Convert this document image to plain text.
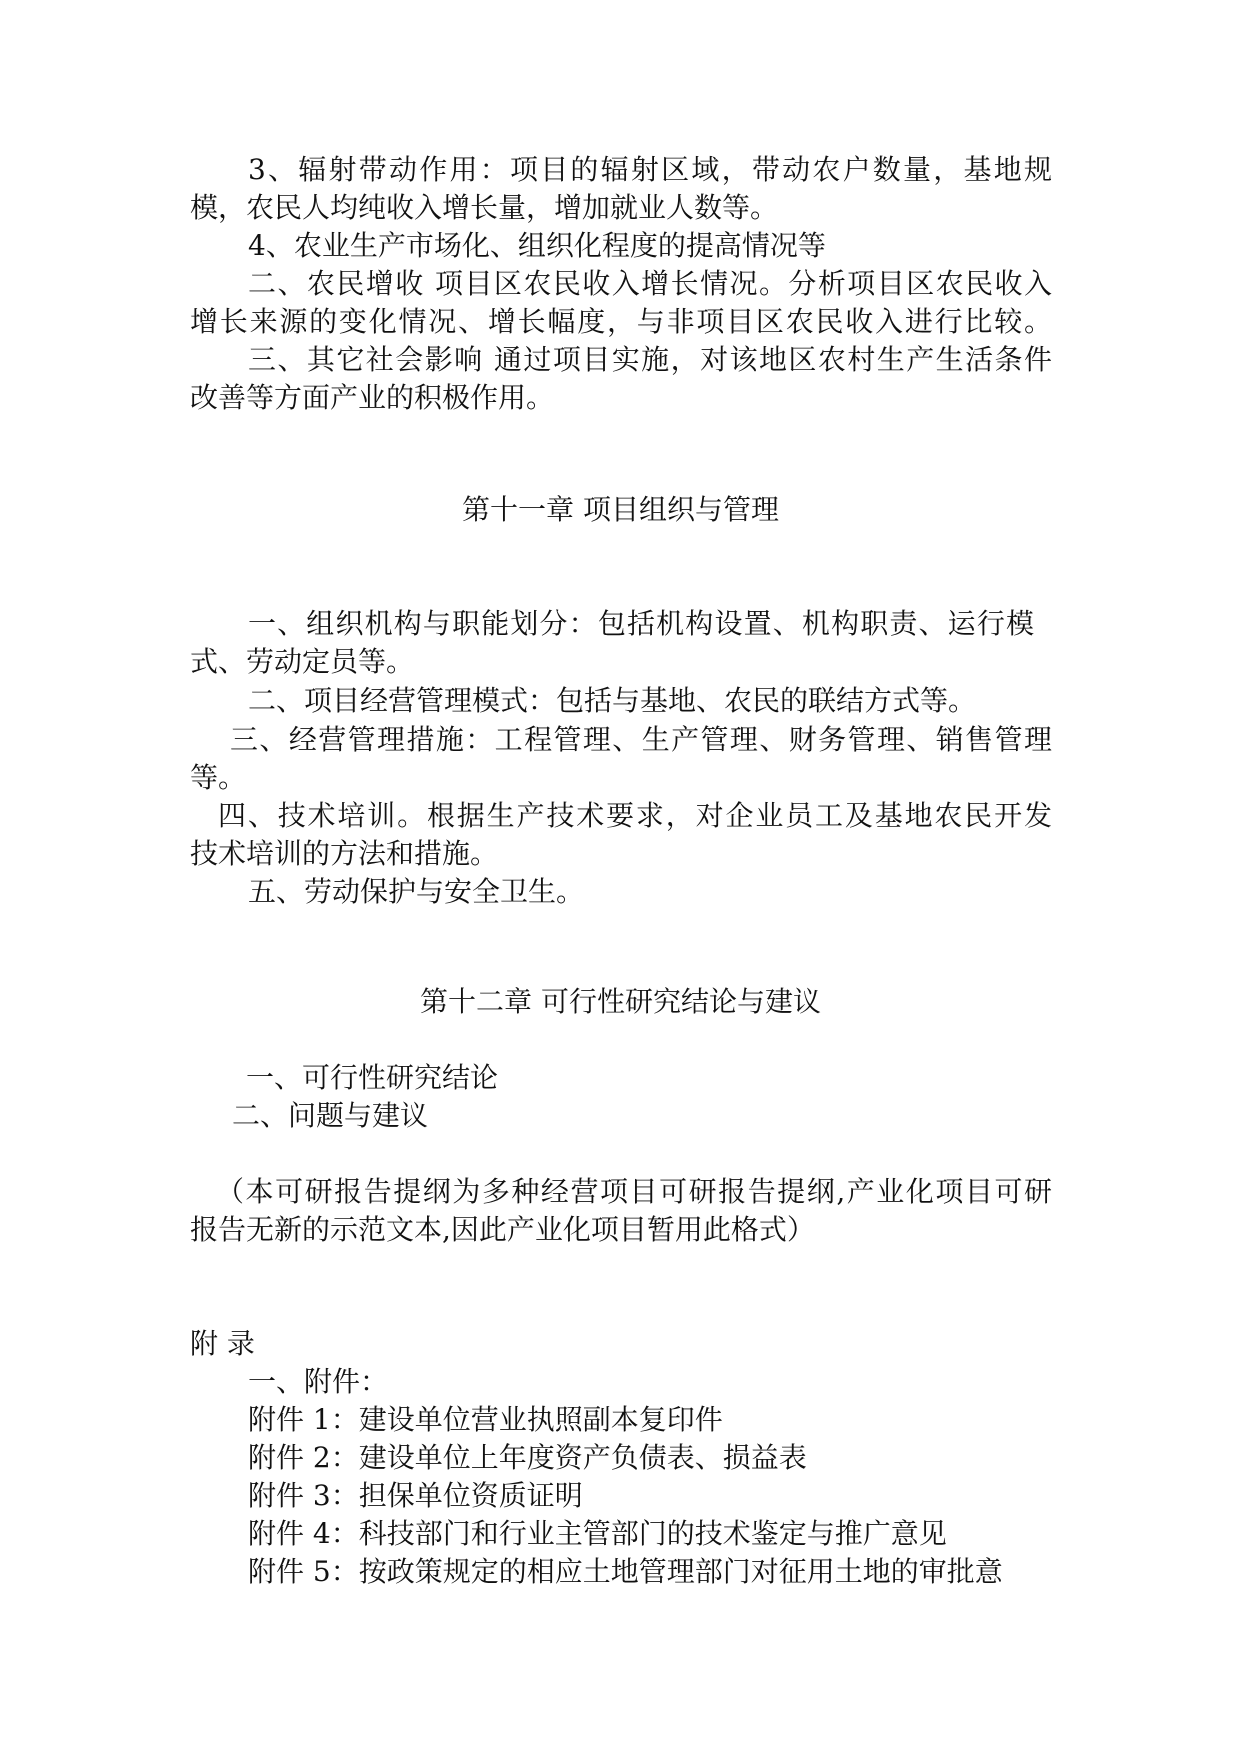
3、辐射带动作用：项目的辐射区域，带动农户数量，基地规
模，农民人均纯收入增长量，增加就业人数等。
4、农业生产市场化、组织化程度的提高情况等
二、农民增收 项目区农民收入增长情况。分析项目区农民收入
增长来源的变化情况、增长幅度，与非项目区农民收入进行比较。
三、其它社会影响 通过项目实施，对该地区农村生产生活条件
改善等方面产业的积极作用。
第十一章 项目组织与管理
一、组织机构与职能划分：包括机构设置、机构职责、运行模
式、劳动定员等。
二、项目经营管理模式：包括与基地、农民的联结方式等。
三、经营管理措施：工程管理、生产管理、财务管理、销售管理
等。
四、技术培训。根据生产技术要求，对企业员工及基地农民开发
技术培训的方法和措施。
五、劳动保护与安全卫生。
第十二章 可行性研究结论与建议
一、可行性研究结论
二、问题与建议
（本可研报告提纲为多种经营项目可研报告提纲,产业化项目可研
报告无新的示范文本,因此产业化项目暂用此格式）
附 录
一、附件：
附件 1：建设单位营业执照副本复印件
附件 2：建设单位上年度资产负债表、损益表
附件 3：担保单位资质证明
附件 4：科技部门和行业主管部门的技术鉴定与推广意见
附件 5：按政策规定的相应土地管理部门对征用土地的审批意
